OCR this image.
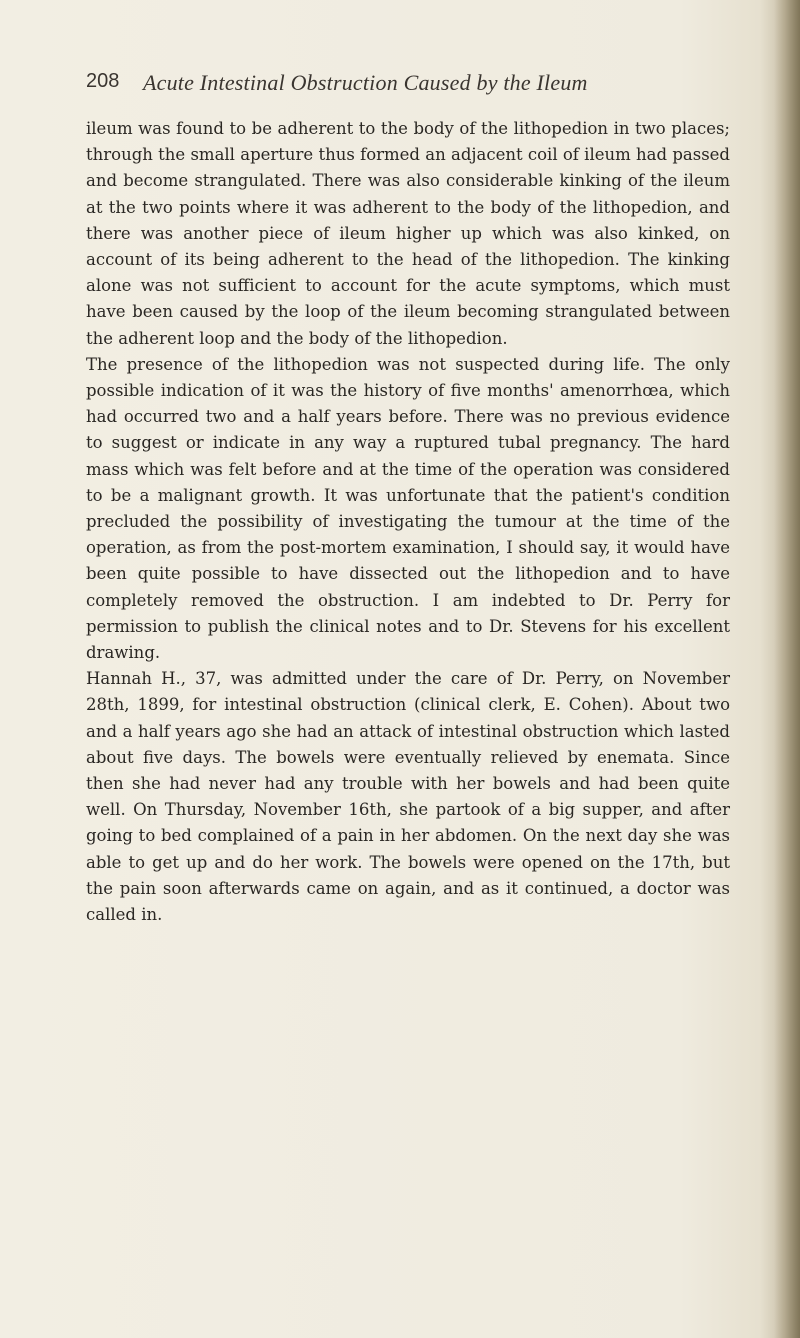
208 Acute Intestinal Obstruction Caused by the Ileum

ileum was found to be adherent to the body of the lithopedion in two places; through the small aperture thus formed an adjacent coil of ileum had passed and become strangulated. There was also considerable kinking of the ileum at the two points where it was adherent to the body of the lithopedion, and there was another piece of ileum higher up which was also kinked, on account of its being adherent to the head of the lithopedion. The kinking alone was not sufficient to account for the acute symptoms, which must have been caused by the loop of the ileum becoming strangulated between the adherent loop and the body of the lithopedion.

The presence of the lithopedion was not suspected during life. The only possible indication of it was the history of five months' amenorrhœa, which had occurred two and a half years before. There was no previous evidence to suggest or indicate in any way a ruptured tubal pregnancy. The hard mass which was felt before and at the time of the operation was considered to be a malignant growth. It was unfortunate that the patient's condition precluded the possibility of investigating the tumour at the time of the operation, as from the post-mortem examination, I should say, it would have been quite possible to have dissected out the lithopedion and to have completely removed the obstruction. I am indebted to Dr. Perry for permission to publish the clinical notes and to Dr. Stevens for his excellent drawing.

Hannah H., 37, was admitted under the care of Dr. Perry, on November 28th, 1899, for intestinal obstruction (clinical clerk, E. Cohen). About two and a half years ago she had an attack of intestinal obstruction which lasted about five days. The bowels were eventually relieved by enemata. Since then she had never had any trouble with her bowels and had been quite well. On Thursday, November 16th, she partook of a big supper, and after going to bed complained of a pain in her abdomen. On the next day she was able to get up and do her work. The bowels were opened on the 17th, but the pain soon afterwards came on again, and as it continued, a doctor was called in.
